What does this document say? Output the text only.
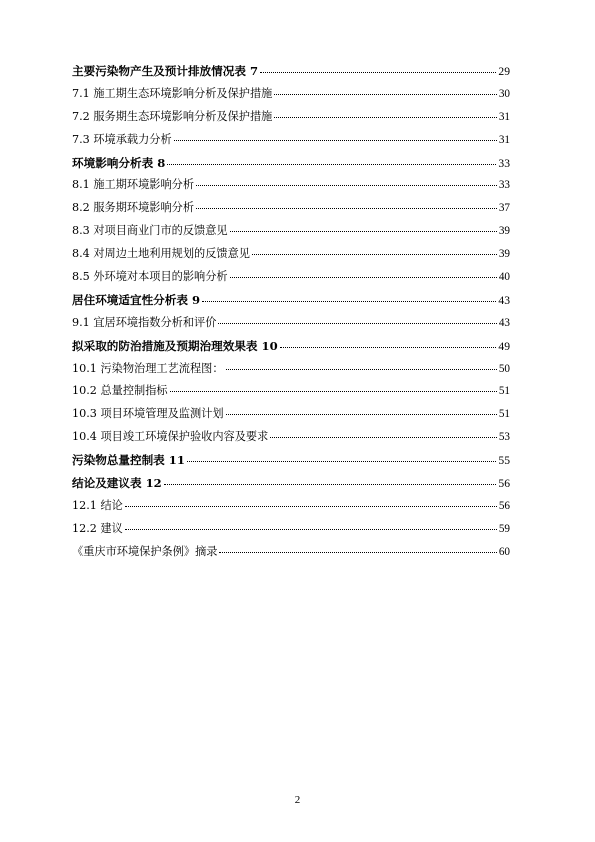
主要污染物产生及预计排放情况表 7	29
7.1 施工期生态环境影响分析及保护措施	30
7.2 服务期生态环境影响分析及保护措施	31
7.3 环境承载力分析	31
环境影响分析表 8	33
8.1 施工期环境影响分析	33
8.2 服务期环境影响分析	37
8.3 对项目商业门市的反馈意见	39
8.4 对周边土地利用规划的反馈意见	39
8.5 外环境对本项目的影响分析	40
居住环境适宜性分析表 9	43
9.1 宜居环境指数分析和评价	43
拟采取的防治措施及预期治理效果表 10	49
10.1 污染物治理工艺流程图：	50
10.2 总量控制指标	51
10.3 项目环境管理及监测计划	51
10.4 项目竣工环境保护验收内容及要求	53
污染物总量控制表 11	55
结论及建议表 12	56
12.1 结论	56
12.2 建议	59
《重庆市环境保护条例》摘录	60
2
